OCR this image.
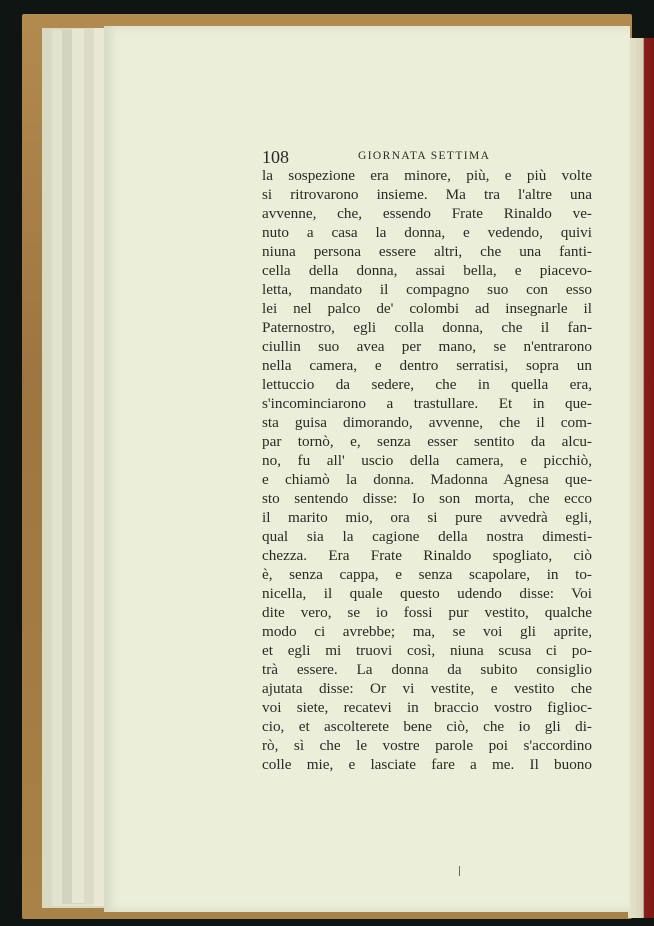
108	GIORNATA SETTIMA
la sospezione era minore, più, e più volte
si ritrovarono insieme. Ma tra l'altre una
avvenne, che, essendo Frate Rinaldo ve-
nuto a casa la donna, e vedendo, quivi
niuna persona essere altri, che una fanti-
cella della donna, assai bella, e piacevo-
letta, mandato il compagno suo con esso
lei nel palco de' colombi ad insegnarle il
Paternostro, egli colla donna, che il fan-
ciullin suo avea per mano, se n'entrarono
nella camera, e dentro serratisi, sopra un
lettuccio da sedere, che in quella era,
s'incominciarono a trastullare. Et in que-
sta guisa dimorando, avvenne, che il com-
par tornò, e, senza esser sentito da alcu-
no, fu all' uscio della camera, e picchiò,
e chiamò la donna. Madonna Agnesa que-
sto sentendo disse: Io son morta, che ecco
il marito mio, ora si pure avvedrà egli,
qual sia la cagione della nostra dimesti-
chezza. Era Frate Rinaldo spogliato, ciò
è, senza cappa, e senza scapolare, in to-
nicella, il quale questo udendo disse: Voi
dite vero, se io fossi pur vestito, qualche
modo ci avrebbe; ma, se voi gli aprite,
et egli mi truovi così, niuna scusa ci po-
trà essere. La donna da subito consiglio
ajutata disse: Or vi vestite, e vestito che
voi siete, recatevi in braccio vostro figlioc-
cio, et ascolterete bene ciò, che io gli di-
rò, sì che le vostre parole poi s'accordino
colle mie, e lasciate fare a me. Il buono
